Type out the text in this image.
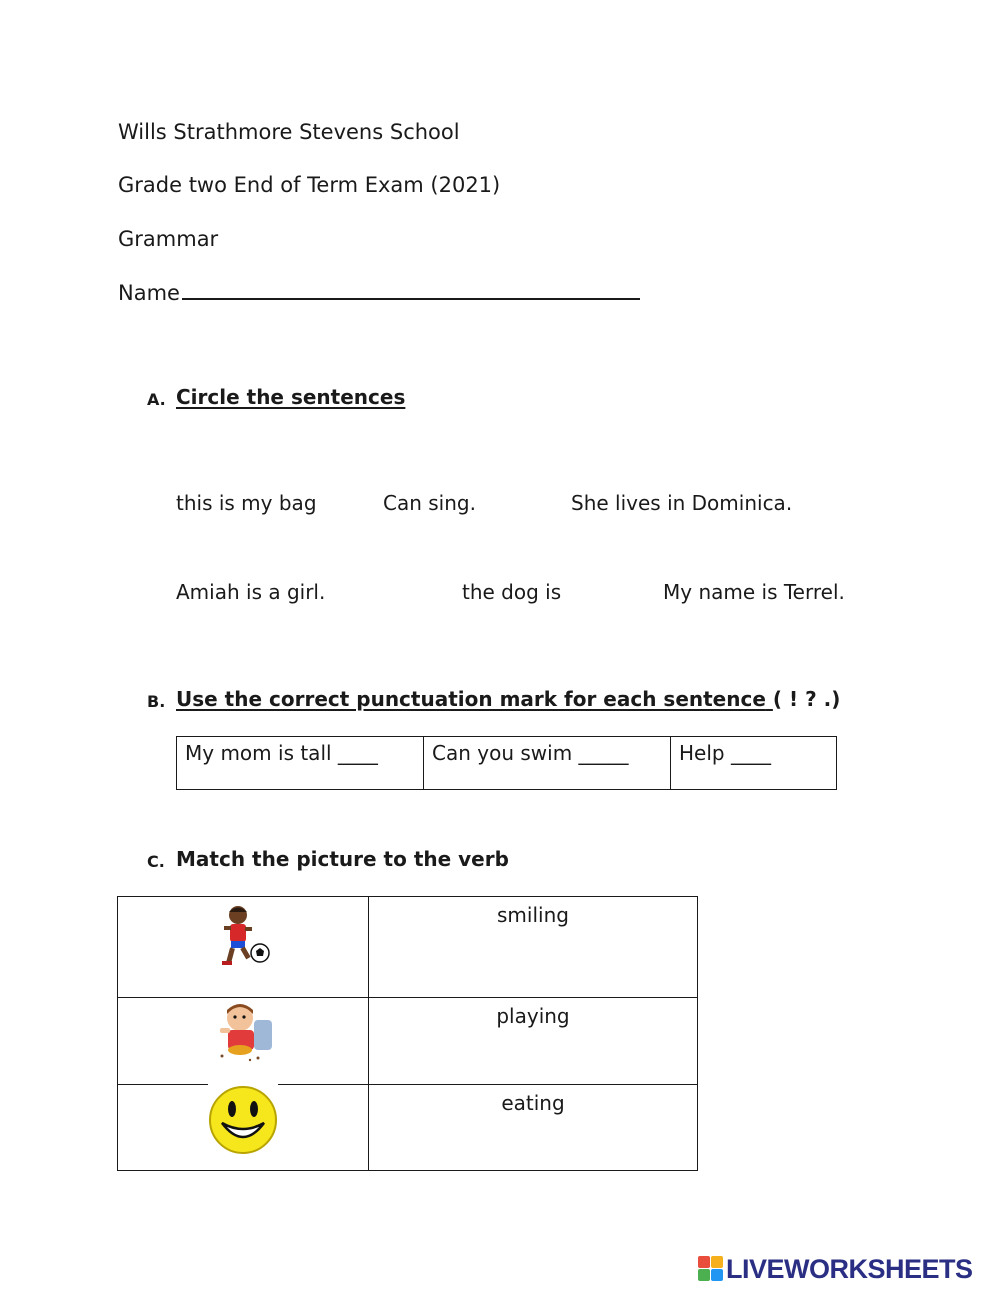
Wills Strathmore Stevens School
Grade two End of Term Exam (2021)
Grammar
Name
A. Circle the sentences
this is my bag	Can sing.	She lives in Dominica.
Amiah is a girl.	the dog is	My name is Terrel.
B. Use the correct punctuation mark for each sentence ( ! ? .)
My mom is tall ____	Can you swim _____	Help ____
C. Match the picture to the verb
	smiling

	playing

	eating
LIVEWORKSHEETS
